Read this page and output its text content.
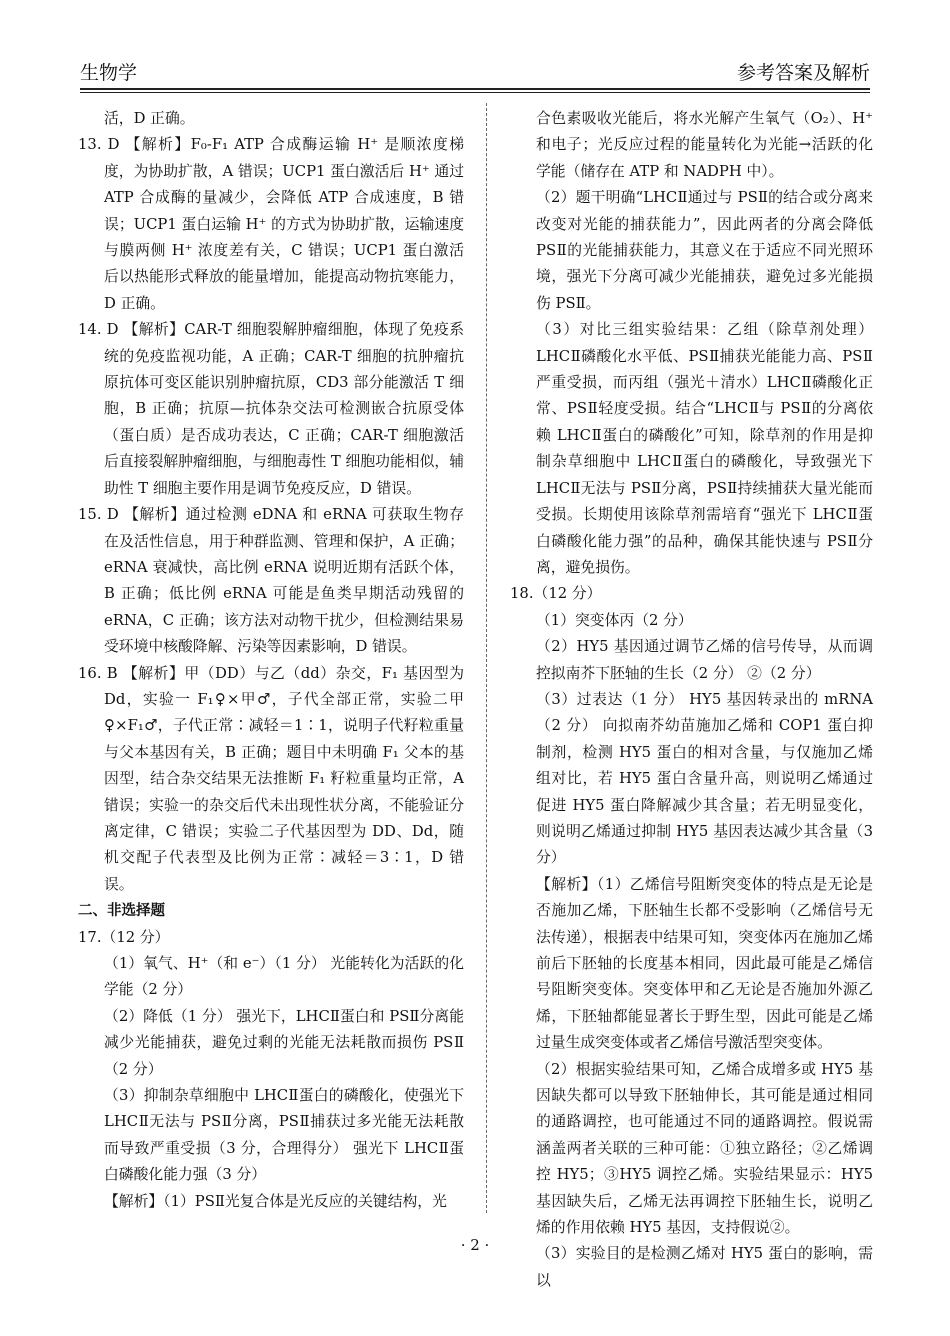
生物学	参考答案及解析

活，D 正确。

13. D 【解析】F₀-F₁ ATP 合成酶运输 H⁺ 是顺浓度梯度，为协助扩散，A 错误；UCP1 蛋白激活后 H⁺ 通过 ATP 合成酶的量减少，会降低 ATP 合成速度，B 错误；UCP1 蛋白运输 H⁺ 的方式为协助扩散，运输速度与膜两侧 H⁺ 浓度差有关，C 错误；UCP1 蛋白激活后以热能形式释放的能量增加，能提高动物抗寒能力，D 正确。

14. D 【解析】CAR-T 细胞裂解肿瘤细胞，体现了免疫系统的免疫监视功能，A 正确；CAR-T 细胞的抗肿瘤抗原抗体可变区能识别肿瘤抗原，CD3 部分能激活 T 细胞，B 正确；抗原—抗体杂交法可检测嵌合抗原受体（蛋白质）是否成功表达，C 正确；CAR-T 细胞激活后直接裂解肿瘤细胞，与细胞毒性 T 细胞功能相似，辅助性 T 细胞主要作用是调节免疫反应，D 错误。

15. D 【解析】通过检测 eDNA 和 eRNA 可获取生物存在及活性信息，用于种群监测、管理和保护，A 正确；eRNA 衰减快，高比例 eRNA 说明近期有活跃个体，B 正确；低比例 eRNA 可能是鱼类早期活动残留的 eRNA，C 正确；该方法对动物干扰少，但检测结果易受环境中核酸降解、污染等因素影响，D 错误。

16. B 【解析】甲（DD）与乙（dd）杂交，F₁ 基因型为 Dd，实验一 F₁♀×甲♂，子代全部正常，实验二甲♀×F₁♂，子代正常∶减轻＝1∶1，说明子代籽粒重量与父本基因有关，B 正确；题目中未明确 F₁ 父本的基因型，结合杂交结果无法推断 F₁ 籽粒重量均正常，A 错误；实验一的杂交后代未出现性状分离，不能验证分离定律，C 错误；实验二子代基因型为 DD、Dd，随机交配子代表型及比例为正常∶减轻＝3∶1，D 错误。

二、非选择题

17.（12 分）

（1）氧气、H⁺（和 e⁻）（1 分） 光能转化为活跃的化学能（2 分）

（2）降低（1 分） 强光下，LHCⅡ蛋白和 PSⅡ分离能减少光能捕获，避免过剩的光能无法耗散而损伤 PSⅡ（2 分）

（3）抑制杂草细胞中 LHCⅡ蛋白的磷酸化，使强光下 LHCⅡ无法与 PSⅡ分离，PSⅡ捕获过多光能无法耗散而导致严重受损（3 分，合理得分） 强光下 LHCⅡ蛋白磷酸化能力强（3 分）

【解析】（1）PSⅡ光复合体是光反应的关键结构，光

合色素吸收光能后，将水光解产生氧气（O₂）、H⁺ 和电子；光反应过程的能量转化为光能→活跃的化学能（储存在 ATP 和 NADPH 中）。

（2）题干明确“LHCⅡ通过与 PSⅡ的结合或分离来改变对光能的捕获能力”，因此两者的分离会降低 PSⅡ的光能捕获能力，其意义在于适应不同光照环境，强光下分离可减少光能捕获，避免过多光能损伤 PSⅡ。

（3）对比三组实验结果：乙组（除草剂处理）LHCⅡ磷酸化水平低、PSⅡ捕获光能能力高、PSⅡ严重受损，而丙组（强光＋清水）LHCⅡ磷酸化正常、PSⅡ轻度受损。结合“LHCⅡ与 PSⅡ的分离依赖 LHCⅡ蛋白的磷酸化”可知，除草剂的作用是抑制杂草细胞中 LHCⅡ蛋白的磷酸化，导致强光下 LHCⅡ无法与 PSⅡ分离，PSⅡ持续捕获大量光能而受损。长期使用该除草剂需培育“强光下 LHCⅡ蛋白磷酸化能力强”的品种，确保其能快速与 PSⅡ分离，避免损伤。

18.（12 分）

（1）突变体丙（2 分）

（2）HY5 基因通过调节乙烯的信号传导，从而调控拟南芥下胚轴的生长（2 分） ②（2 分）

（3）过表达（1 分） HY5 基因转录出的 mRNA（2 分） 向拟南芥幼苗施加乙烯和 COP1 蛋白抑制剂，检测 HY5 蛋白的相对含量，与仅施加乙烯组对比，若 HY5 蛋白含量升高，则说明乙烯通过促进 HY5 蛋白降解减少其含量；若无明显变化，则说明乙烯通过抑制 HY5 基因表达减少其含量（3 分）

【解析】（1）乙烯信号阻断突变体的特点是无论是否施加乙烯，下胚轴生长都不受影响（乙烯信号无法传递），根据表中结果可知，突变体丙在施加乙烯前后下胚轴的长度基本相同，因此最可能是乙烯信号阻断突变体。突变体甲和乙无论是否施加外源乙烯，下胚轴都能显著长于野生型，因此可能是乙烯过量生成突变体或者乙烯信号激活型突变体。

（2）根据实验结果可知，乙烯合成增多或 HY5 基因缺失都可以导致下胚轴伸长，其可能是通过相同的通路调控，也可能通过不同的通路调控。假说需涵盖两者关联的三种可能：①独立路径；②乙烯调控 HY5；③HY5 调控乙烯。实验结果显示：HY5 基因缺失后，乙烯无法再调控下胚轴生长，说明乙烯的作用依赖 HY5 基因，支持假说②。

（3）实验目的是检测乙烯对 HY5 蛋白的影响，需以

· 2 ·
